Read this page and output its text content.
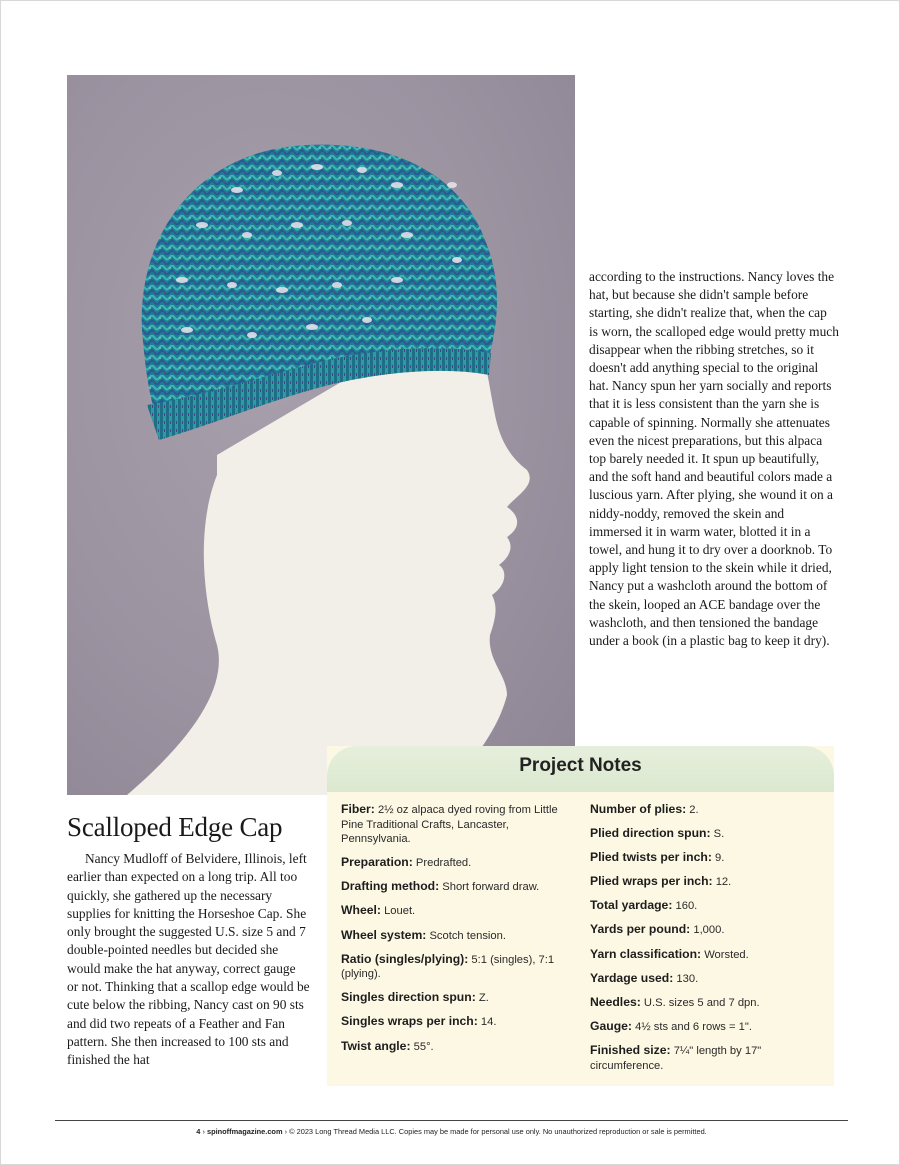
according to the instructions. Nancy loves the hat, but because she didn't sample before starting, she didn't realize that, when the cap is worn, the scalloped edge would pretty much disappear when the ribbing stretches, so it doesn't add anything special to the original hat. Nancy spun her yarn socially and reports that it is less consistent than the yarn she is capable of spinning. Normally she attenuates even the nicest preparations, but this alpaca top barely needed it. It spun up beautifully, and the soft hand and beautiful colors made a luscious yarn. After plying, she wound it on a niddy-noddy, removed the skein and immersed it in warm water, blotted it in a towel, and hung it to dry over a doorknob. To apply light tension to the skein while it dried, Nancy put a washcloth around the bottom of the skein, looped an ACE bandage over the washcloth, and then tensioned the bandage under a book (in a plastic bag to keep it dry).

Scalloped Edge Cap

Nancy Mudloff of Belvidere, Illinois, left earlier than expected on a long trip. All too quickly, she gathered up the necessary supplies for knitting the Horseshoe Cap. She only brought the suggested U.S. size 5 and 7 double-pointed needles but decided she would make the hat anyway, correct gauge or not. Thinking that a scallop edge would be cute below the ribbing, Nancy cast on 90 sts and did two repeats of a Feather and Fan pattern. She then increased to 100 sts and finished the hat

Project Notes

Fiber: 2½ oz alpaca dyed roving from Little Pine Traditional Crafts, Lancaster, Pennsylvania.

Preparation: Predrafted.

Drafting method: Short forward draw.

Wheel: Louet.

Wheel system: Scotch tension.

Ratio (singles/plying): 5:1 (singles), 7:1 (plying).

Singles direction spun: Z.

Singles wraps per inch: 14.

Twist angle: 55°.

Number of plies: 2.

Plied direction spun: S.

Plied twists per inch: 9.

Plied wraps per inch: 12.

Total yardage: 160.

Yards per pound: 1,000.

Yarn classification: Worsted.

Yardage used: 130.

Needles: U.S. sizes 5 and 7 dpn.

Gauge: 4½ sts and 6 rows = 1".

Finished size: 7¼" length by 17" circumference.

4 › spinoffmagazine.com › © 2023 Long Thread Media LLC. Copies may be made for personal use only. No unauthorized reproduction or sale is permitted.
